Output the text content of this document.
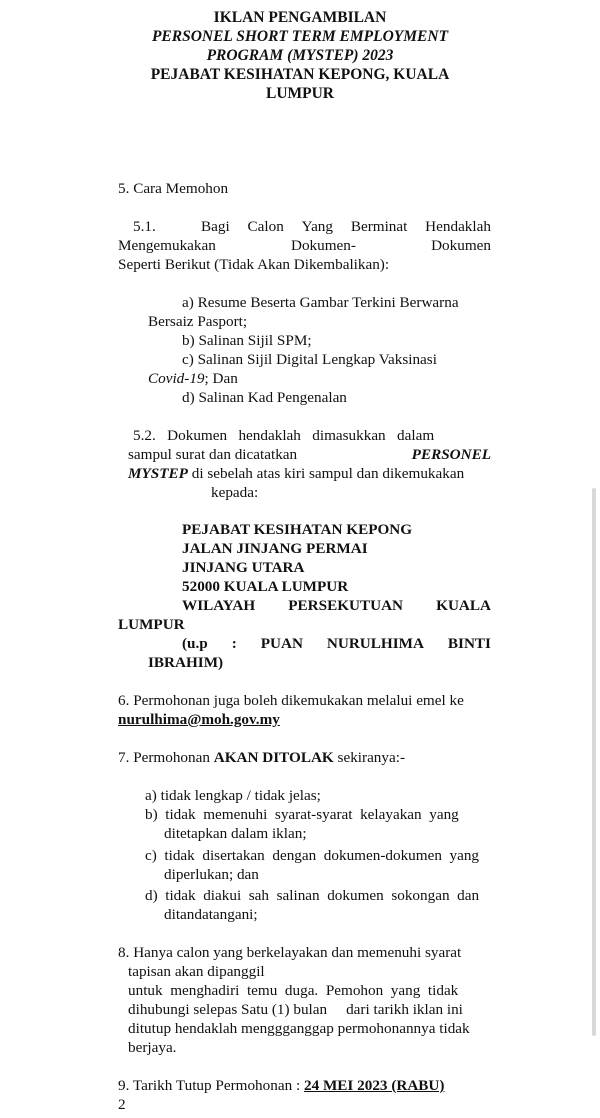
IKLAN PENGAMBILAN
PERSONEL SHORT TERM EMPLOYMENT
PROGRAM (MYSTEP) 2023
PEJABAT KESIHATAN KEPONG, KUALA
LUMPUR
5. Cara Memohon
5.1.	Bagi Calon Yang Berminat Hendaklah
Mengemukakan	Dokumen-	Dokumen
Seperti Berikut (Tidak Akan Dikembalikan):
a) Resume Beserta Gambar Terkini Berwarna
Bersaiz Pasport;
b) Salinan Sijil SPM;
c) Salinan Sijil Digital Lengkap Vaksinasi
Covid-19; Dan
d) Salinan Kad Pengenalan
5.2.   Dokumen   hendaklah   dimasukkan   dalam
sampul surat dan dicatatkan	PERSONEL
MYSTEP di sebelah atas kiri sampul dan dikemukakan
kepada:
PEJABAT KESIHATAN KEPONG
JALAN JINJANG PERMAI
JINJANG UTARA
52000 KUALA LUMPUR
WILAYAH PERSEKUTUAN KUALA
LUMPUR
(u.p : PUAN NURULHIMA BINTI
IBRAHIM)
6. Permohonan juga boleh dikemukakan melalui emel ke
nurulhima@moh.gov.my
7. Permohonan AKAN DITOLAK sekiranya:-
a) tidak lengkap / tidak jelas;
b)  tidak  memenuhi  syarat-syarat  kelayakan  yang
ditetapkan dalam iklan;
c)  tidak  disertakan  dengan  dokumen-dokumen  yang
diperlukan; dan
d)  tidak  diakui  sah  salinan  dokumen  sokongan  dan
ditandatangani;
8. Hanya calon yang berkelayakan dan memenuhi syarat
tapisan akan dipanggil
untuk  menghadiri  temu  duga.  Pemohon  yang  tidak
dihubungi selepas Satu (1) bulan     dari tarikh iklan ini
ditutup hendaklah menggganggap permohonannya tidak
berjaya.
9. Tarikh Tutup Permohonan : 24 MEI 2023 (RABU)
2
